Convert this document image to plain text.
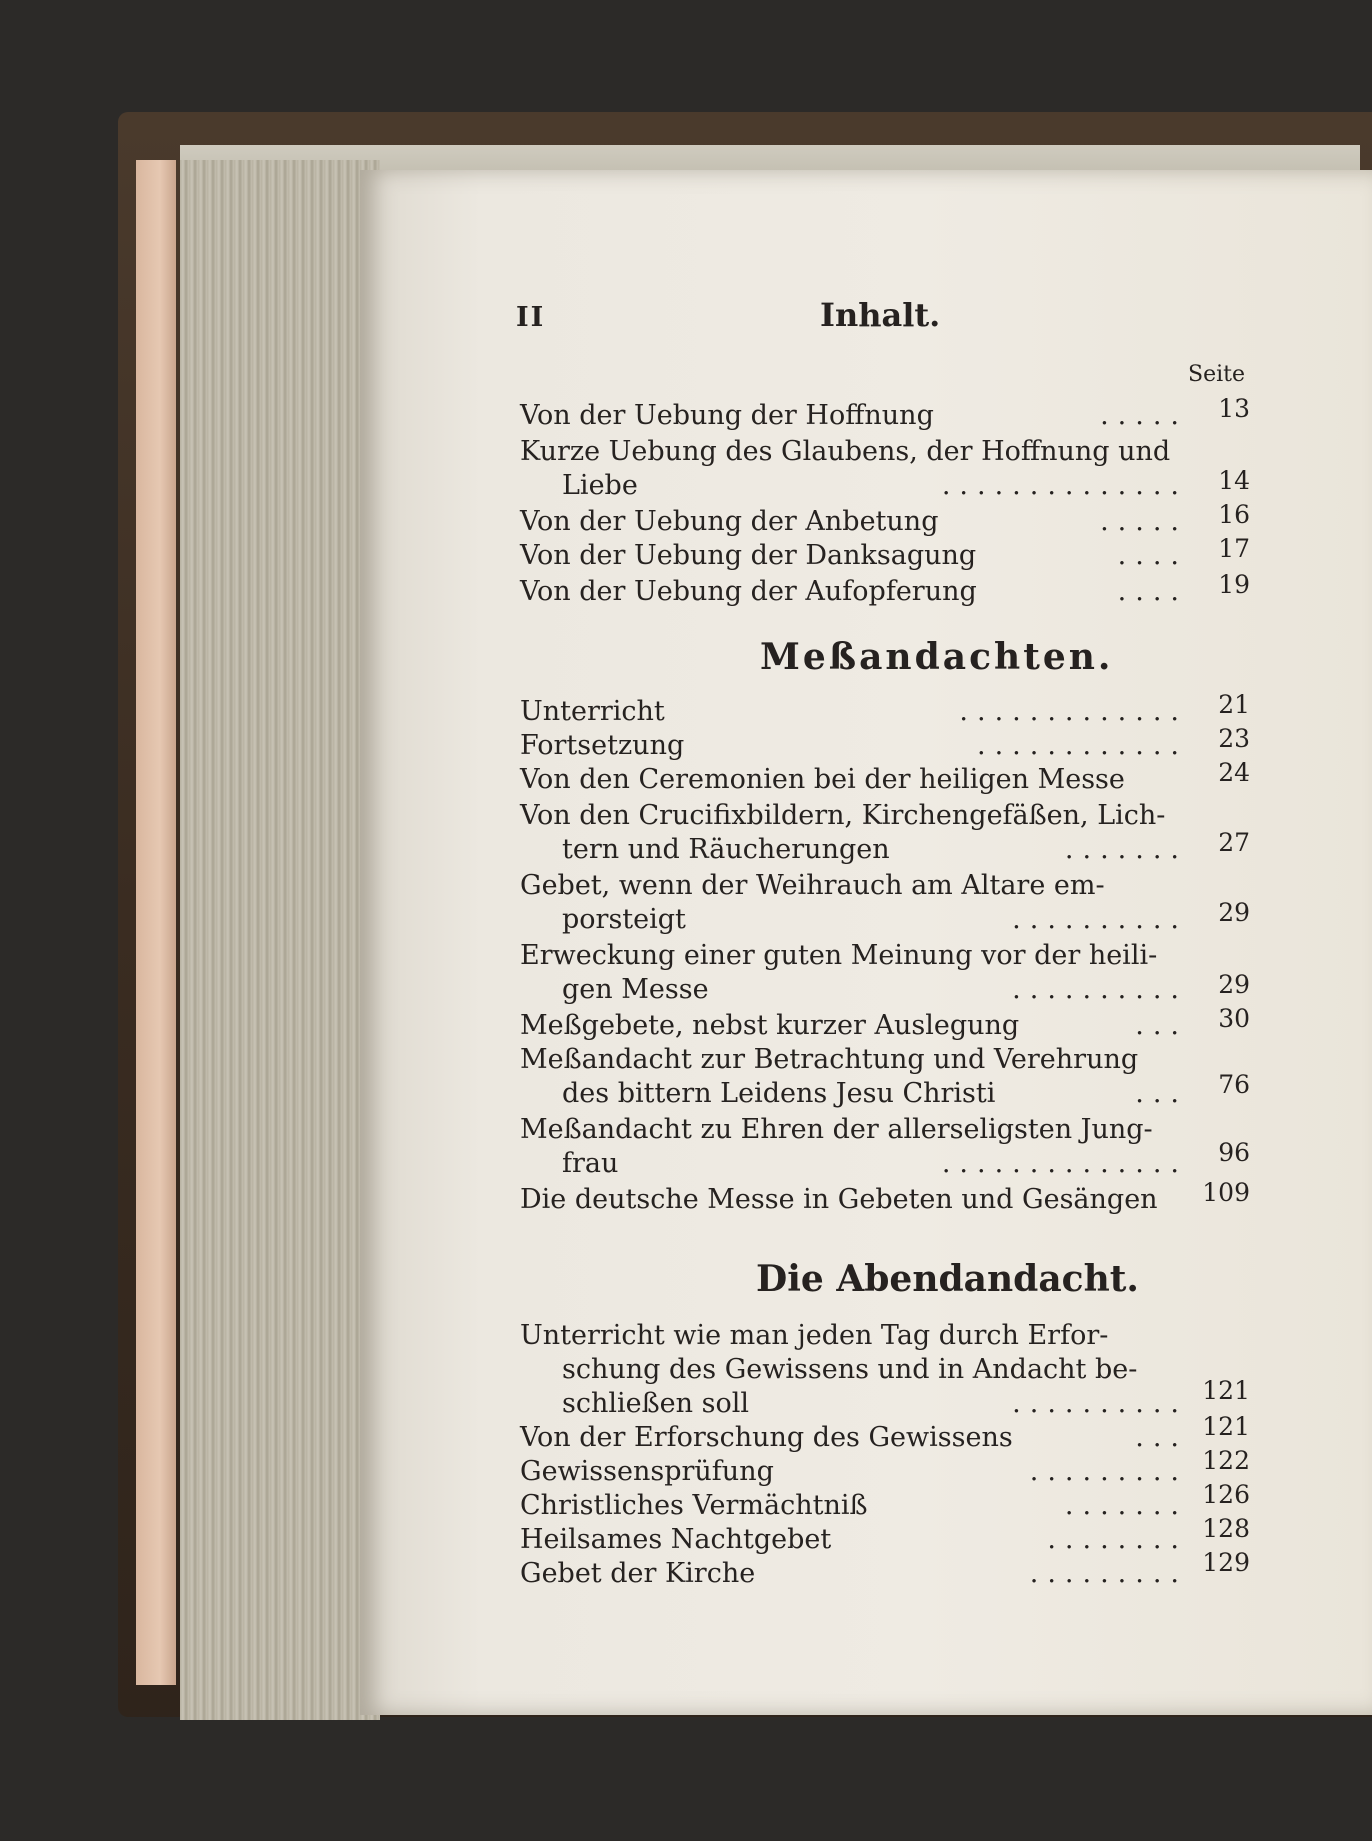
II	Inhalt.
Seite
Meßandachten.
Die Abendandacht.
Von der Uebung der Hoffnung	.....	13
Kurze Uebung des Glaubens, der Hoffnung und
Liebe	..............	14
Von der Uebung der Anbetung	.....	16
Von der Uebung der Danksagung	....	17
Von der Uebung der Aufopferung	....	19
Unterricht	.............	21
Fortsetzung	............	23
Von den Ceremonien bei der heiligen Messe	24
Von den Crucifixbildern, Kirchengefäßen, Lich-
tern und Räucherungen	.......	27
Gebet, wenn der Weihrauch am Altare em-
porsteigt	..........	29
Erweckung einer guten Meinung vor der heili-
gen Messe	..........	29
Meßgebete, nebst kurzer Auslegung	...	30
Meßandacht zur Betrachtung und Verehrung
des bittern Leidens Jesu Christi	...	76
Meßandacht zu Ehren der allerseligsten Jung-
frau	..............	96
Die deutsche Messe in Gebeten und Gesängen	109
Unterricht wie man jeden Tag durch Erfor-
schung des Gewissens und in Andacht be-
schließen soll	.......... 121
Von der Erforschung des Gewissens	... 121
Gewissensprüfung	......... 122
Christliches Vermächtniß	....... 126
Heilsames Nachtgebet	........ 128
Gebet der Kirche	......... 129
